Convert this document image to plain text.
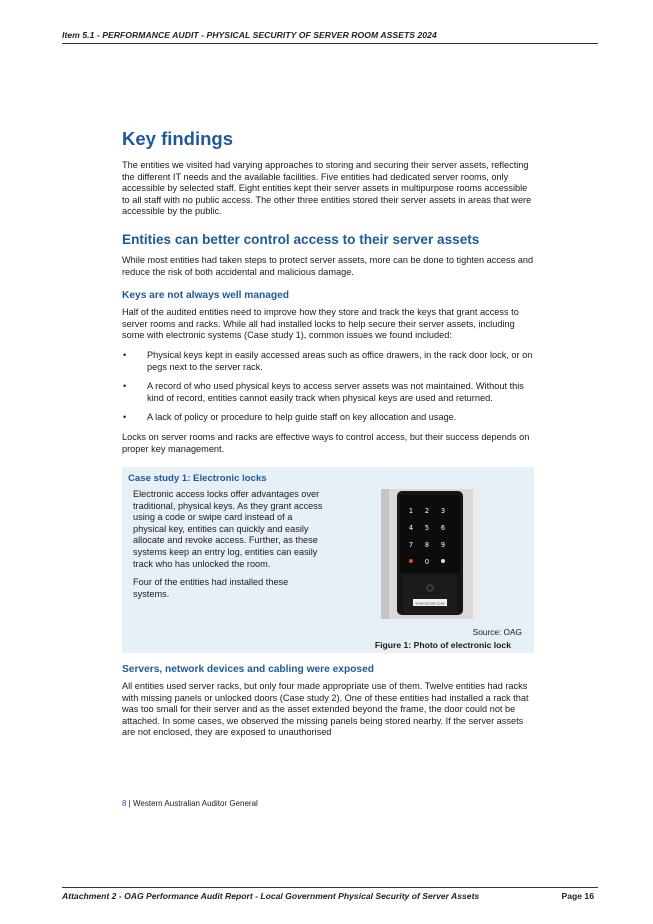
Item 5.1 - PERFORMANCE AUDIT - PHYSICAL SECURITY OF SERVER ROOM ASSETS 2024
Key findings

The entities we visited had varying approaches to storing and securing their server assets, reflecting the different IT needs and the available facilities. Five entities had dedicated server rooms, only accessible by selected staff. Eight entities kept their server assets in multipurpose rooms accessible to all staff with no public access. The other three entities stored their server assets in areas that were accessible by the public.

Entities can better control access to their server assets

While most entities had taken steps to protect server assets, more can be done to tighten access and reduce the risk of both accidental and malicious damage.

Keys are not always well managed

Half of the audited entities need to improve how they store and track the keys that grant access to server rooms and racks. While all had installed locks to help secure their server assets, including some with electronic systems (Case study 1), common issues we found included:

• Physical keys kept in easily accessed areas such as office drawers, in the rack door lock, or on pegs next to the server rack.
• A record of who used physical keys to access server assets was not maintained. Without this kind of record, entities cannot easily track when physical keys are used and returned.
• A lack of policy or procedure to help guide staff on key allocation and usage.

Locks on server rooms and racks are effective ways to control access, but their success depends on proper key management.

Case study 1: Electronic locks

Electronic access locks offer advantages over traditional, physical keys. As they grant access using a code or swipe card instead of a physical key, entities can quickly and easily allocate and revoke access. Further, as these systems keep an entry log, entities can easily track who has unlocked the room.

Four of the entities had installed these systems.

1 2 3
4 5 6
7 8 9
0
WARE SECURE CODE
Source: OAG
Figure 1: Photo of electronic lock
Servers, network devices and cabling were exposed

All entities used server racks, but only four made appropriate use of them. Twelve entities had racks with missing panels or unlocked doors (Case study 2). One of these entities had installed a rack that was too small for their server and as the asset extended beyond the frame, the door could not be attached. In some cases, we observed the missing panels being stored nearby. If the server assets are not enclosed, they are exposed to unauthorised

8 | Western Australian Auditor General
Attachment 2 - OAG Performance Audit Report - Local Government Physical Security of Server Assets	Page 16
